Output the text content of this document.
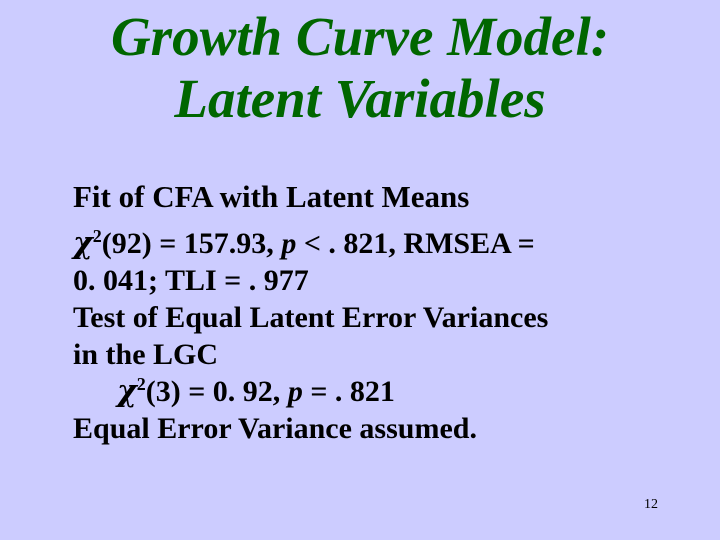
Growth Curve Model:
Latent Variables
Fit of CFA with Latent Means
$\chi^2(92) = 157.93$, p < . 821, RMSEA =
0. 041; TLI = . 977
Test of Equal Latent Error Variances
in the LGC
$\chi^2(3) = 0$. 92, p = . 821
Equal Error Variance assumed.
12
